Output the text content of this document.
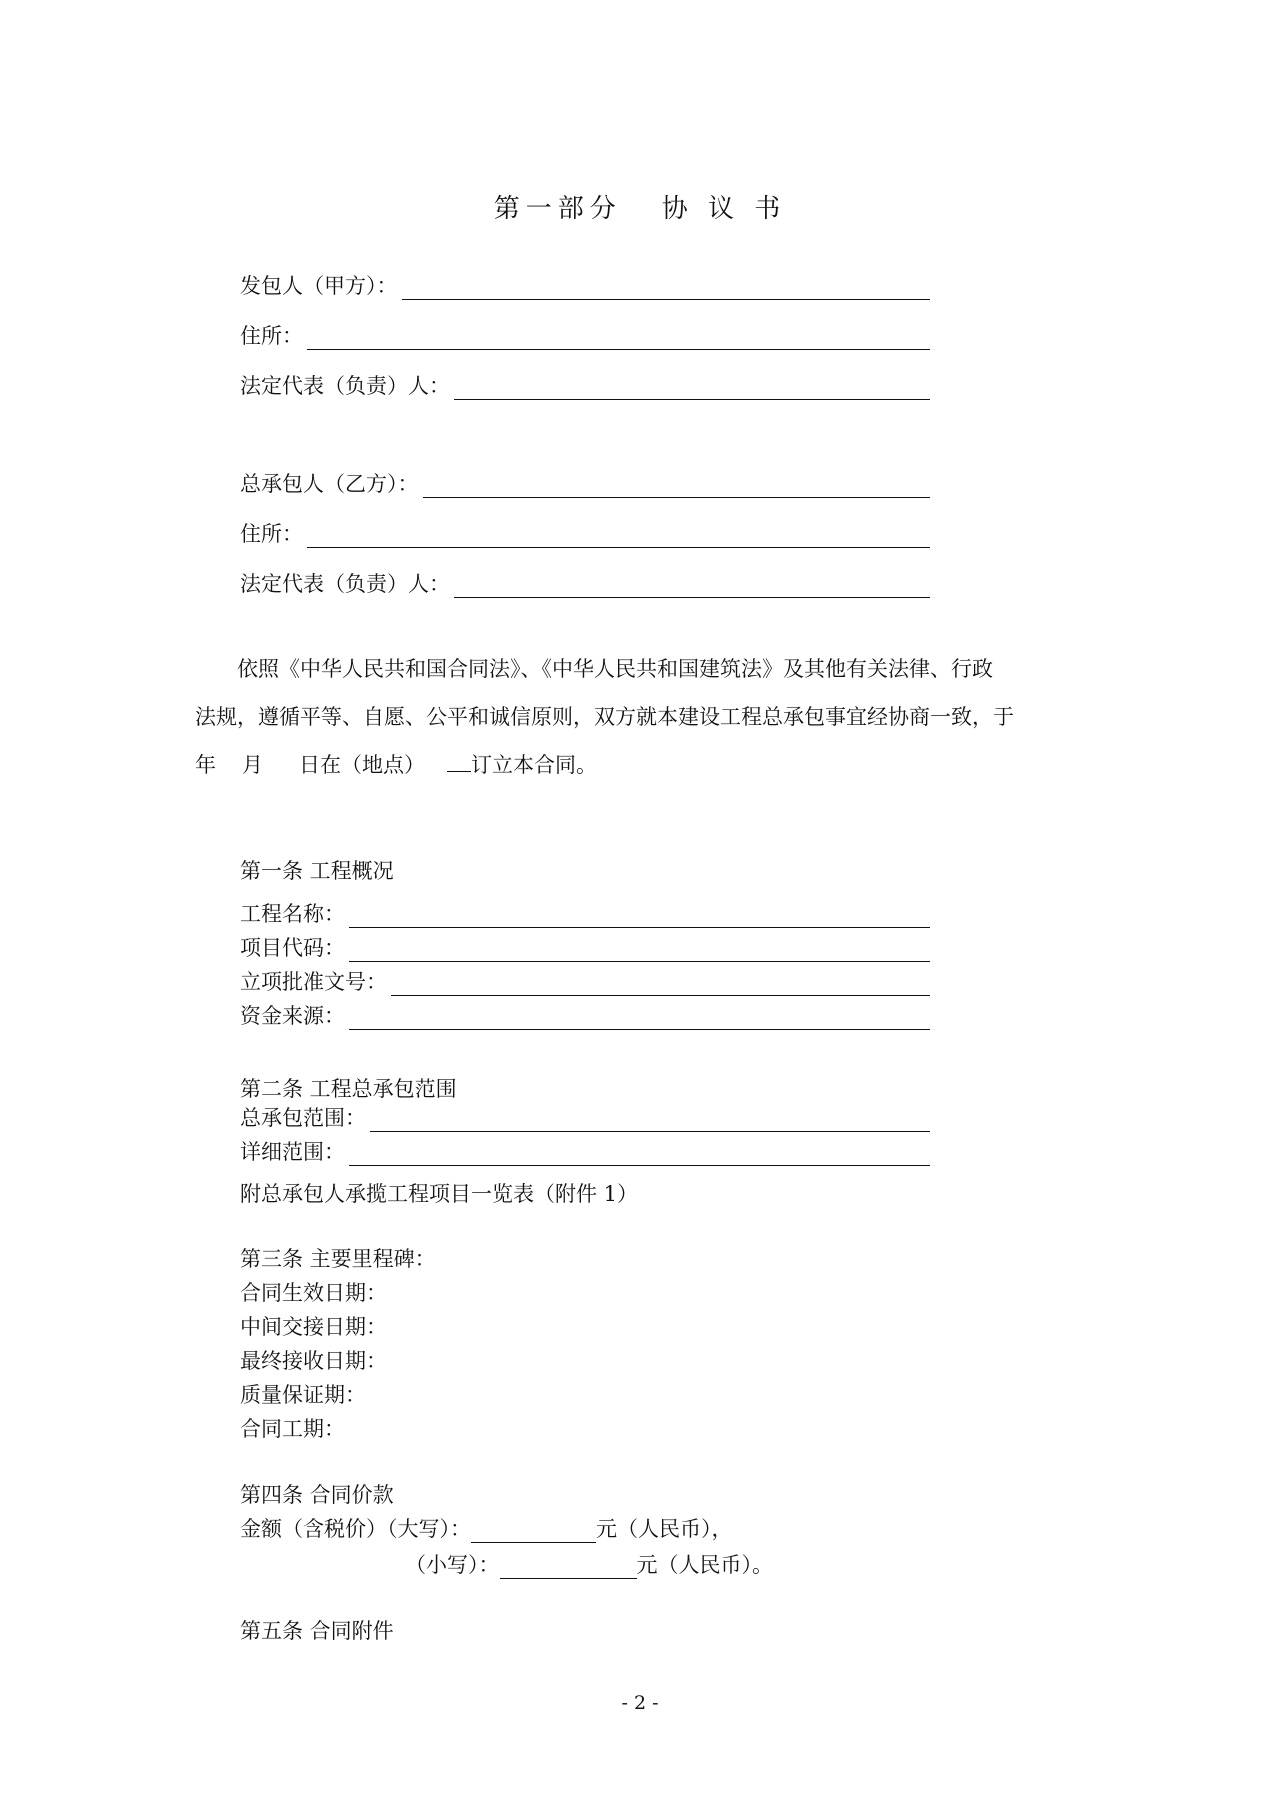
第一部分 协 议 书
发包人（甲方）：
住所：
法定代表（负责）人：
总承包人（乙方）：
住所：
法定代表（负责）人：

依照《中华人民共和国合同法》、《中华人民共和国建筑法》及其他有关法律、行政

法规，遵循平等、自愿、公平和诚信原则，双方就本建设工程总承包事宜经协商一致，于

年 月 日在（地点） 订立本合同。

第一条 工程概况
工程名称：
项目代码：
立项批准文号：
资金来源：
第二条 工程总承包范围
总承包范围：
详细范围：
附总承包人承揽工程项目一览表（附件 1）
第三条 主要里程碑：
合同生效日期：
中间交接日期：
最终接收日期：
质量保证期：
合同工期：
第四条 合同价款
金额（含税价）（大写）：	元（人民币），
（小写）：	元（人民币）。
第五条 合同附件
- 2 -
